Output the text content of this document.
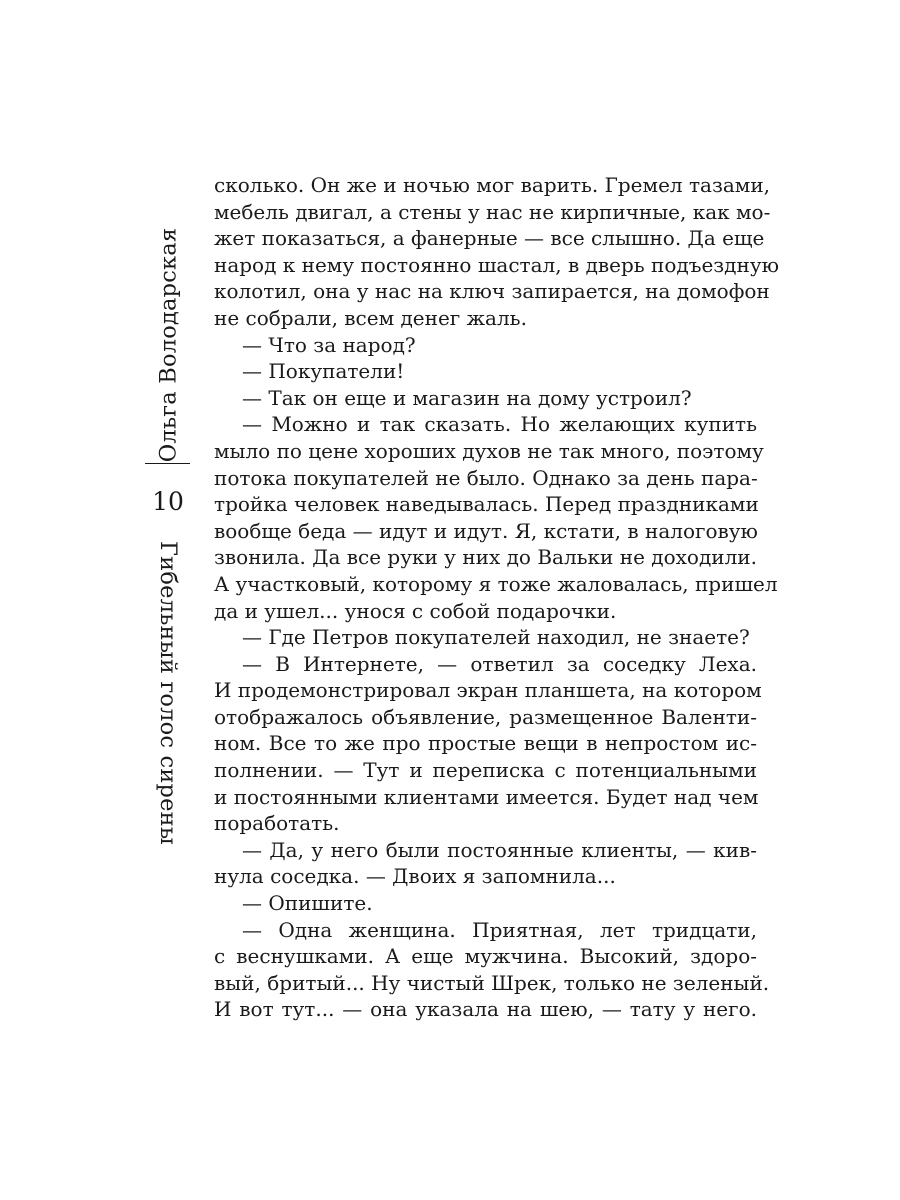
Ольга Володарская
10
Гибельный голос сирены
сколько. Он же и ночью мог варить. Гремел тазами,
мебель двигал, а стены у нас не кирпичные, как мо-
жет показаться, а фанерные — все слышно. Да еще
народ к нему постоянно шастал, в дверь подъездную
колотил, она у нас на ключ запирается, на домофон
не собрали, всем денег жаль.
— Что за народ?
— Покупатели!
— Так он еще и магазин на дому устроил?
— Можно и так сказать. Но желающих купить
мыло по цене хороших духов не так много, поэтому
потока покупателей не было. Однако за день пара-
тройка человек наведывалась. Перед праздниками
вообще беда — идут и идут. Я, кстати, в налоговую
звонила. Да все руки у них до Вальки не доходили.
А участковый, которому я тоже жаловалась, пришел
да и ушел... унося с собой подарочки.
— Где Петров покупателей находил, не знаете?
— В Интернете, — ответил за соседку Леха.
И продемонстрировал экран планшета, на котором
отображалось объявление, размещенное Валенти-
ном. Все то же про простые вещи в непростом ис-
полнении. — Тут и переписка с потенциальными
и постоянными клиентами имеется. Будет над чем
поработать.
— Да, у него были постоянные клиенты, — кив-
нула соседка. — Двоих я запомнила...
— Опишите.
— Одна женщина. Приятная, лет тридцати,
с веснушками. А еще мужчина. Высокий, здоро-
вый, бритый... Ну чистый Шрек, только не зеленый.
И вот тут... — она указала на шею, — тату у него.
